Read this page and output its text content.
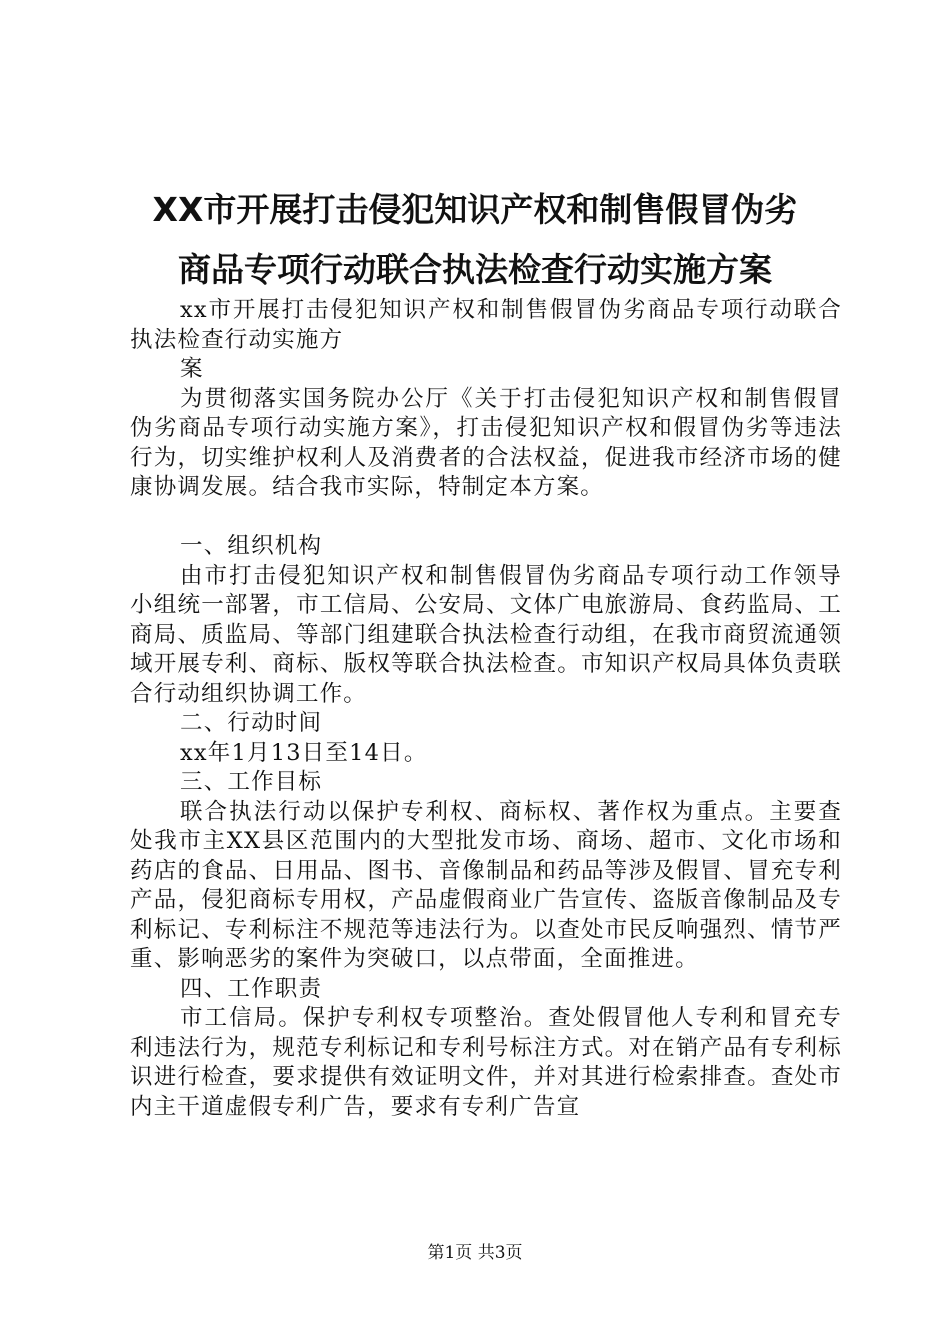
XX市开展打击侵犯知识产权和制售假冒伪劣
商品专项行动联合执法检查行动实施方案

xx市开展打击侵犯知识产权和制售假冒伪劣商品专项行动联合执法检查行动实施方

案

为贯彻落实国务院办公厅《关于打击侵犯知识产权和制售假冒伪劣商品专项行动实施方案》，打击侵犯知识产权和假冒伪劣等违法行为，切实维护权利人及消费者的合法权益，促进我市经济市场的健康协调发展。结合我市实际，特制定本方案。

一、组织机构

由市打击侵犯知识产权和制售假冒伪劣商品专项行动工作领导小组统一部署，市工信局、公安局、文体广电旅游局、食药监局、工商局、质监局、等部门组建联合执法检查行动组，在我市商贸流通领域开展专利、商标、版权等联合执法检查。市知识产权局具体负责联合行动组织协调工作。

二、行动时间

xx年1月13日至14日。

三、工作目标

联合执法行动以保护专利权、商标权、著作权为重点。主要查处我市主XX县区范围内的大型批发市场、商场、超市、文化市场和药店的食品、日用品、图书、音像制品和药品等涉及假冒、冒充专利产品，侵犯商标专用权，产品虚假商业广告宣传、盗版音像制品及专利标记、专利标注不规范等违法行为。以查处市民反响强烈、情节严重、影响恶劣的案件为突破口，以点带面，全面推进。

四、工作职责

市工信局。保护专利权专项整治。查处假冒他人专利和冒充专利违法行为，规范专利标记和专利号标注方式。对在销产品有专利标识进行检查，要求提供有效证明文件，并对其进行检索排查。查处市内主干道虚假专利广告，要求有专利广告宣

第1页 共3页
